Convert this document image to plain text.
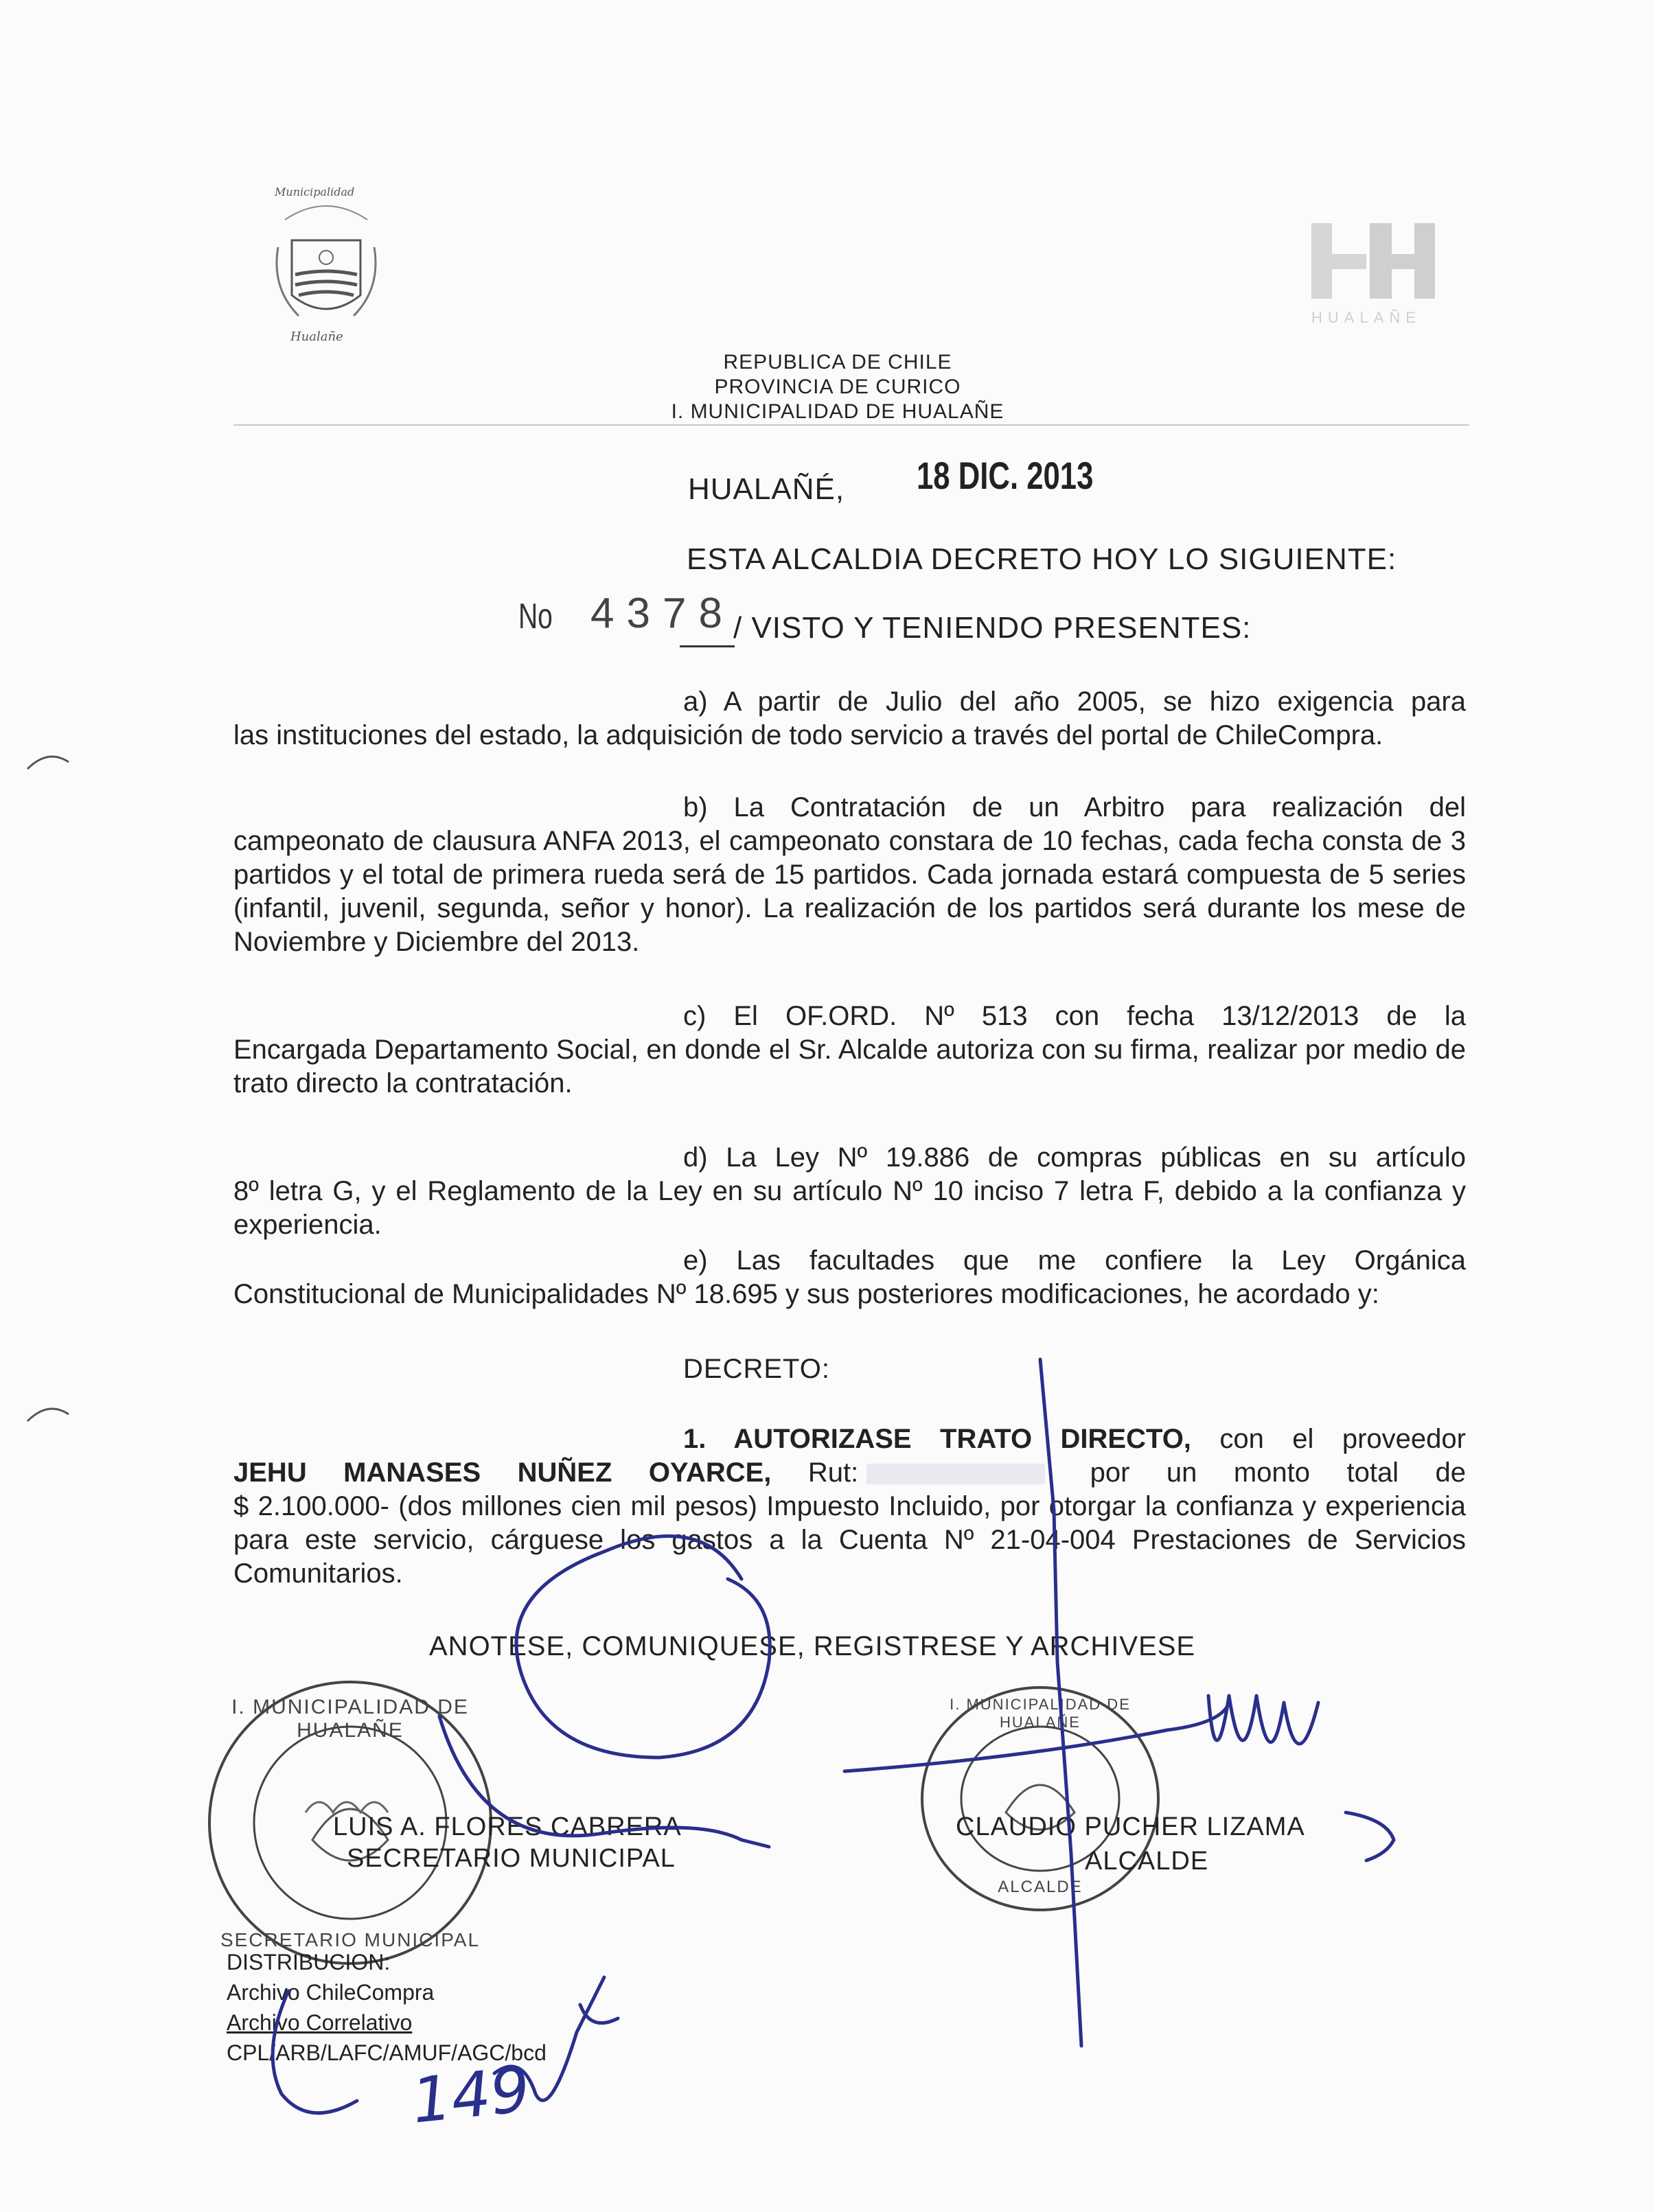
Municipalidad
Hualañe
HUALAÑE
REPUBLICA DE CHILE
PROVINCIA DE CURICO
I. MUNICIPALIDAD DE HUALAÑE
HUALAÑÉ, 18 DIC. 2013
ESTA ALCALDIA DECRETO HOY LO SIGUIENTE:
No 4378
/ VISTO Y TENIENDO PRESENTES:
a) A partir de Julio del año 2005, se hizo exigencia para
las instituciones del estado, la adquisición de todo servicio a través del portal de ChileCompra.
b) La Contratación de un Arbitro para realización del
campeonato de clausura ANFA 2013, el campeonato constara de 10 fechas, cada fecha consta de 3 partidos y el total de primera rueda será de 15 partidos. Cada jornada estará compuesta de 5 series (infantil, juvenil, segunda, señor y honor). La realización de los partidos será durante los mese de Noviembre y Diciembre del 2013.
c) El OF.ORD. Nº 513 con fecha 13/12/2013 de la
Encargada Departamento Social, en donde el Sr. Alcalde autoriza con su firma, realizar por medio de trato directo la contratación.
d) La Ley Nº 19.886 de compras públicas en su artículo
8º letra G, y el Reglamento de la Ley en su artículo Nº 10 inciso 7 letra F, debido a la confianza y experiencia.
e) Las facultades que me confiere la Ley Orgánica
Constitucional de Municipalidades Nº 18.695 y sus posteriores modificaciones, he acordado y:
DECRETO:
1. AUTORIZASE TRATO DIRECTO, con el proveedor
JEHU MANASES NUÑEZ OYARCE, Rut:	por un monto total de
$ 2.100.000- (dos millones cien mil pesos) Impuesto Incluido, por otorgar la confianza y experiencia para este servicio, cárguese los gastos a la Cuenta Nº 21-04-004 Prestaciones de Servicios Comunitarios.
ANOTESE, COMUNIQUESE, REGISTRESE Y ARCHIVESE
I. MUNICIPALIDAD DE HUALAÑE
SECRETARIO MUNICIPAL
I. MUNICIPALIDAD DE HUALAÑE
ALCALDE
LUIS A. FLORES CABRERA
SECRETARIO MUNICIPAL
CLAUDIO PUCHER LIZAMA
ALCALDE
DISTRIBUCION:
Archivo ChileCompra
Archivo Correlativo
CPL/ARB/LAFC/AMUF/AGC/bcd
149
